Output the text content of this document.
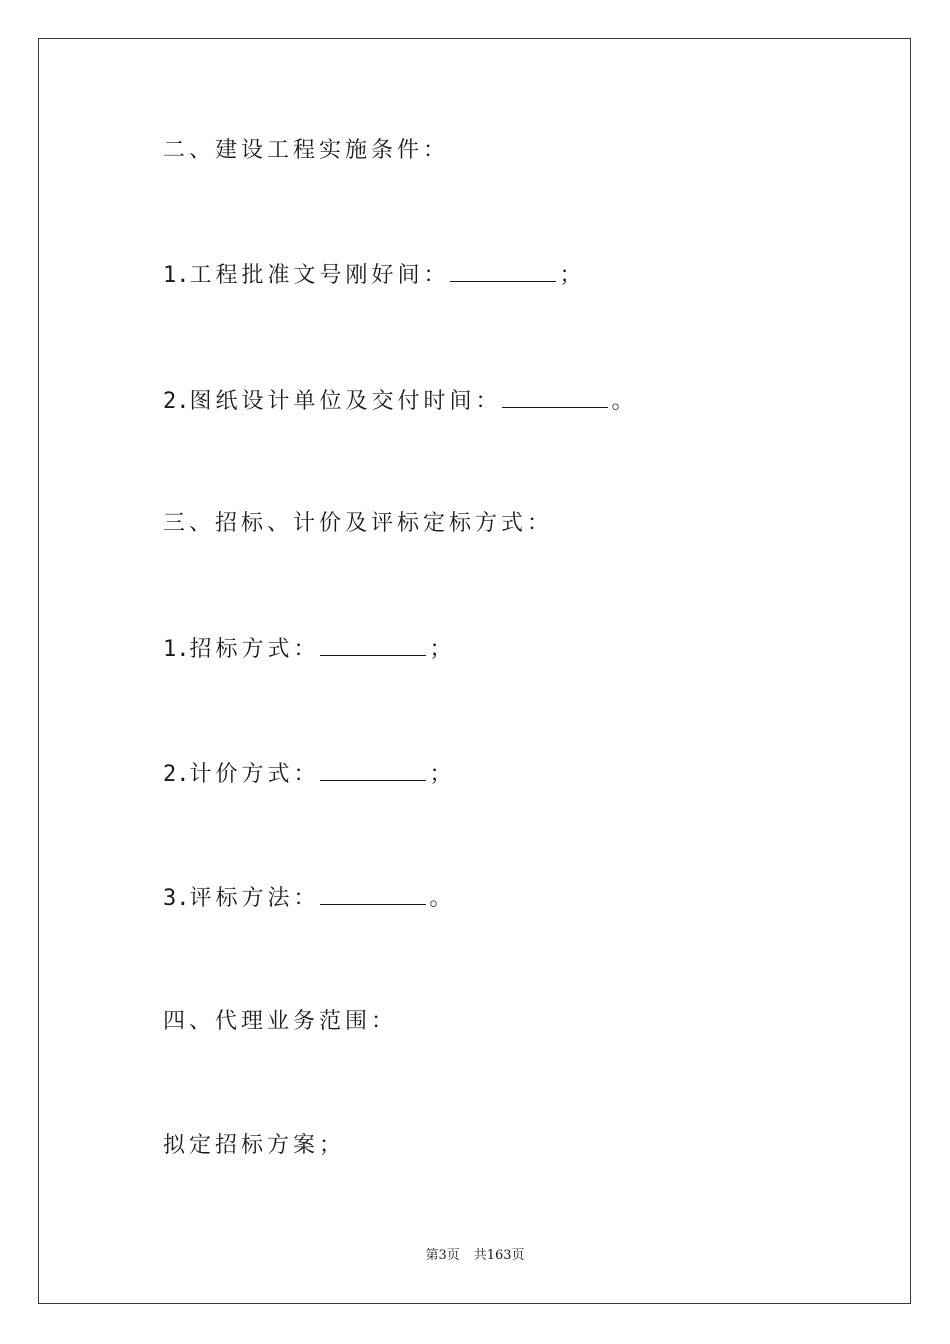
二、建设工程实施条件：
1.工程批准文号刚好间：	；
2.图纸设计单位及交付时间：	。
三、招标、计价及评标定标方式：
1.招标方式：	；
2.计价方式：	；
3.评标方法：	。
四、代理业务范围：
拟定招标方案；
第3页 共163页
